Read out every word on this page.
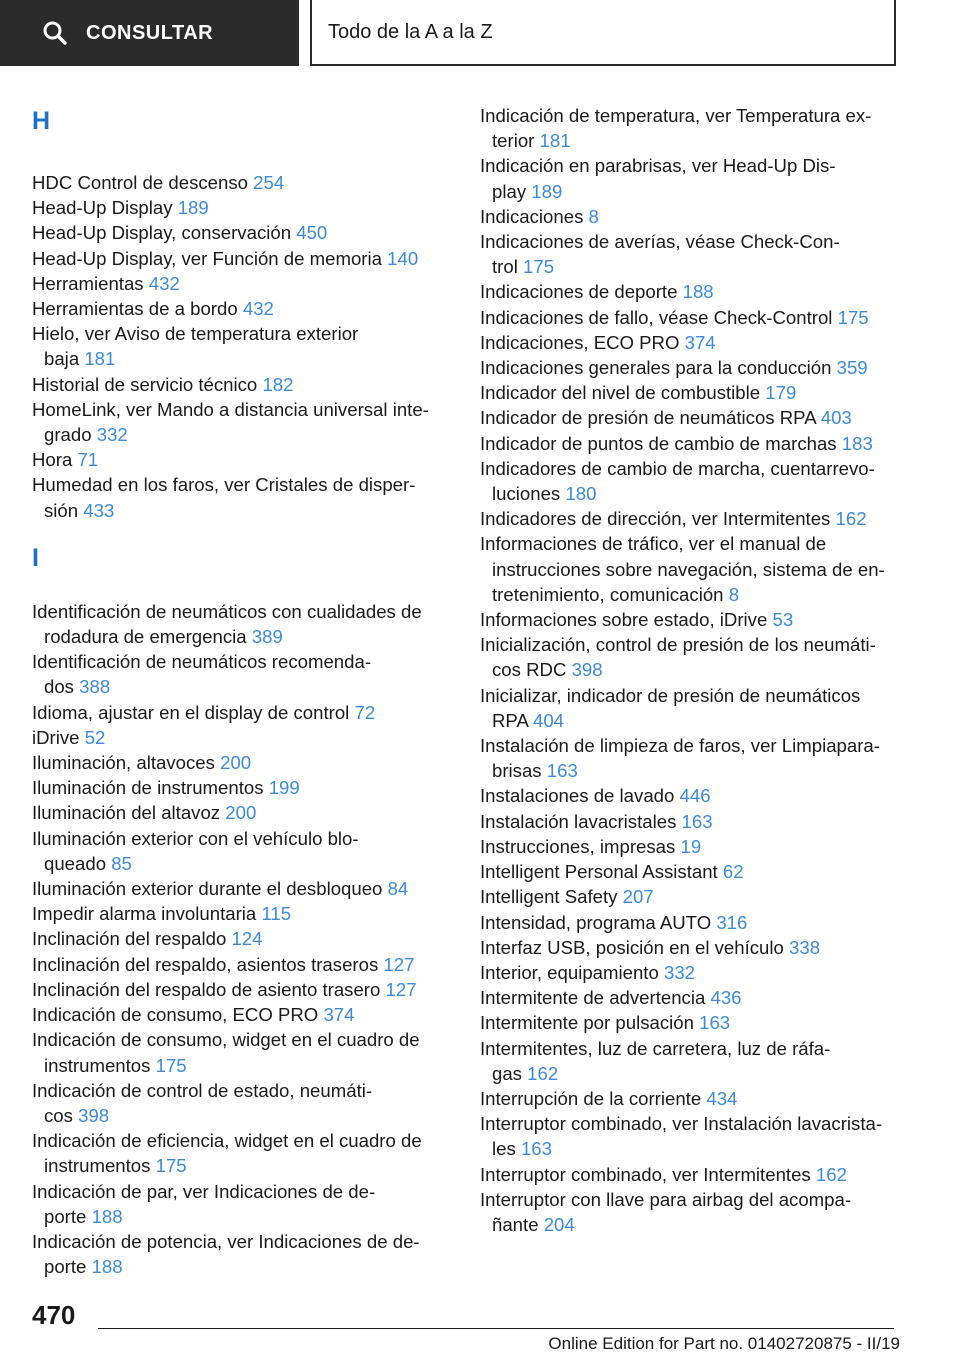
CONSULTAR	Todo de la A a la Z
H
HDC Control de descenso 254
Head-Up Display 189
Head-Up Display, conservación 450
Head-Up Display, ver Función de memoria 140
Herramientas 432
Herramientas de a bordo 432
Hielo, ver Aviso de temperatura exterior
baja 181
Historial de servicio técnico 182
HomeLink, ver Mando a distancia universal inte-
grado 332
Hora 71
Humedad en los faros, ver Cristales de disper-
sión 433
I
Identificación de neumáticos con cualidades de
rodadura de emergencia 389
Identificación de neumáticos recomenda-
dos 388
Idioma, ajustar en el display de control 72
iDrive 52
Iluminación, altavoces 200
Iluminación de instrumentos 199
Iluminación del altavoz 200
Iluminación exterior con el vehículo blo-
queado 85
Iluminación exterior durante el desbloqueo 84
Impedir alarma involuntaria 115
Inclinación del respaldo 124
Inclinación del respaldo, asientos traseros 127
Inclinación del respaldo de asiento trasero 127
Indicación de consumo, ECO PRO 374
Indicación de consumo, widget en el cuadro de
instrumentos 175
Indicación de control de estado, neumáti-
cos 398
Indicación de eficiencia, widget en el cuadro de
instrumentos 175
Indicación de par, ver Indicaciones de de-
porte 188
Indicación de potencia, ver Indicaciones de de-
porte 188
Indicación de temperatura, ver Temperatura ex-
terior 181
Indicación en parabrisas, ver Head-Up Dis-
play 189
Indicaciones 8
Indicaciones de averías, véase Check-Con-
trol 175
Indicaciones de deporte 188
Indicaciones de fallo, véase Check-Control 175
Indicaciones, ECO PRO 374
Indicaciones generales para la conducción 359
Indicador del nivel de combustible 179
Indicador de presión de neumáticos RPA 403
Indicador de puntos de cambio de marchas 183
Indicadores de cambio de marcha, cuentarrevo-
luciones 180
Indicadores de dirección, ver Intermitentes 162
Informaciones de tráfico, ver el manual de
instrucciones sobre navegación, sistema de en-
tretenimiento, comunicación 8
Informaciones sobre estado, iDrive 53
Inicialización, control de presión de los neumáti-
cos RDC 398
Inicializar, indicador de presión de neumáticos
RPA 404
Instalación de limpieza de faros, ver Limpiapara-
brisas 163
Instalaciones de lavado 446
Instalación lavacristales 163
Instrucciones, impresas 19
Intelligent Personal Assistant 62
Intelligent Safety 207
Intensidad, programa AUTO 316
Interfaz USB, posición en el vehículo 338
Interior, equipamiento 332
Intermitente de advertencia 436
Intermitente por pulsación 163
Intermitentes, luz de carretera, luz de ráfa-
gas 162
Interrupción de la corriente 434
Interruptor combinado, ver Instalación lavacrista-
les 163
Interruptor combinado, ver Intermitentes 162
Interruptor con llave para airbag del acompa-
ñante 204
470
Online Edition for Part no. 01402720875 - II/19
